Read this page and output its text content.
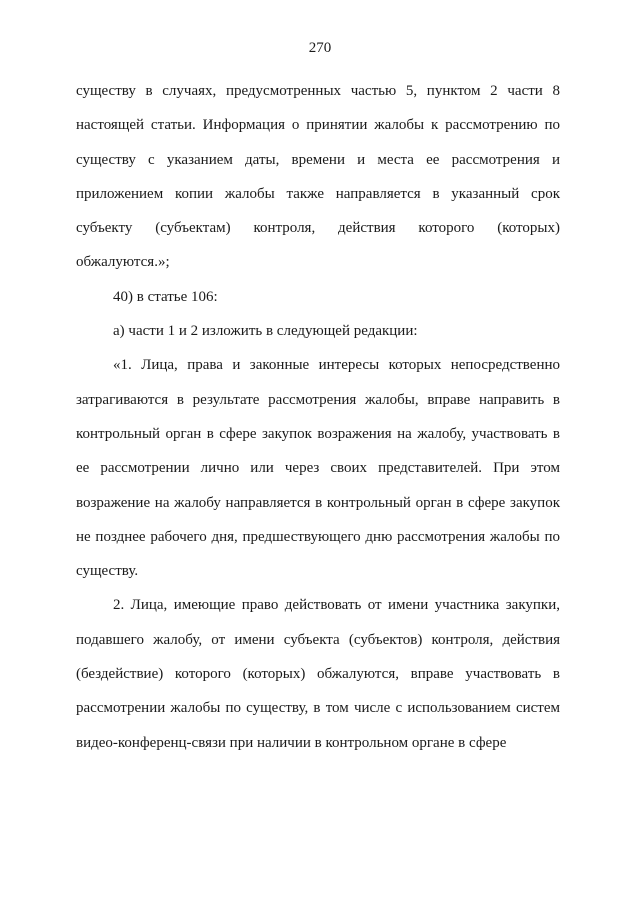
270

существу в случаях, предусмотренных частью 5, пунктом 2 части 8 настоящей статьи. Информация о принятии жалобы к рассмотрению по существу с указанием даты, времени и места ее рассмотрения и приложением копии жалобы также направляется в указанный срок субъекту (субъектам) контроля, действия которого (которых) обжалуются.»;

40) в статье 106:

а) части 1 и 2 изложить в следующей редакции:

«1. Лица, права и законные интересы которых непосредственно затрагиваются в результате рассмотрения жалобы, вправе направить в контрольный орган в сфере закупок возражения на жалобу, участвовать в ее рассмотрении лично или через своих представителей. При этом возражение на жалобу направляется в контрольный орган в сфере закупок не позднее рабочего дня, предшествующего дню рассмотрения жалобы по существу.

2. Лица, имеющие право действовать от имени участника закупки, подавшего жалобу, от имени субъекта (субъектов) контроля, действия (бездействие) которого (которых) обжалуются, вправе участвовать в рассмотрении жалобы по существу, в том числе с использованием систем видео-конференц-связи при наличии в контрольном органе в сфере
